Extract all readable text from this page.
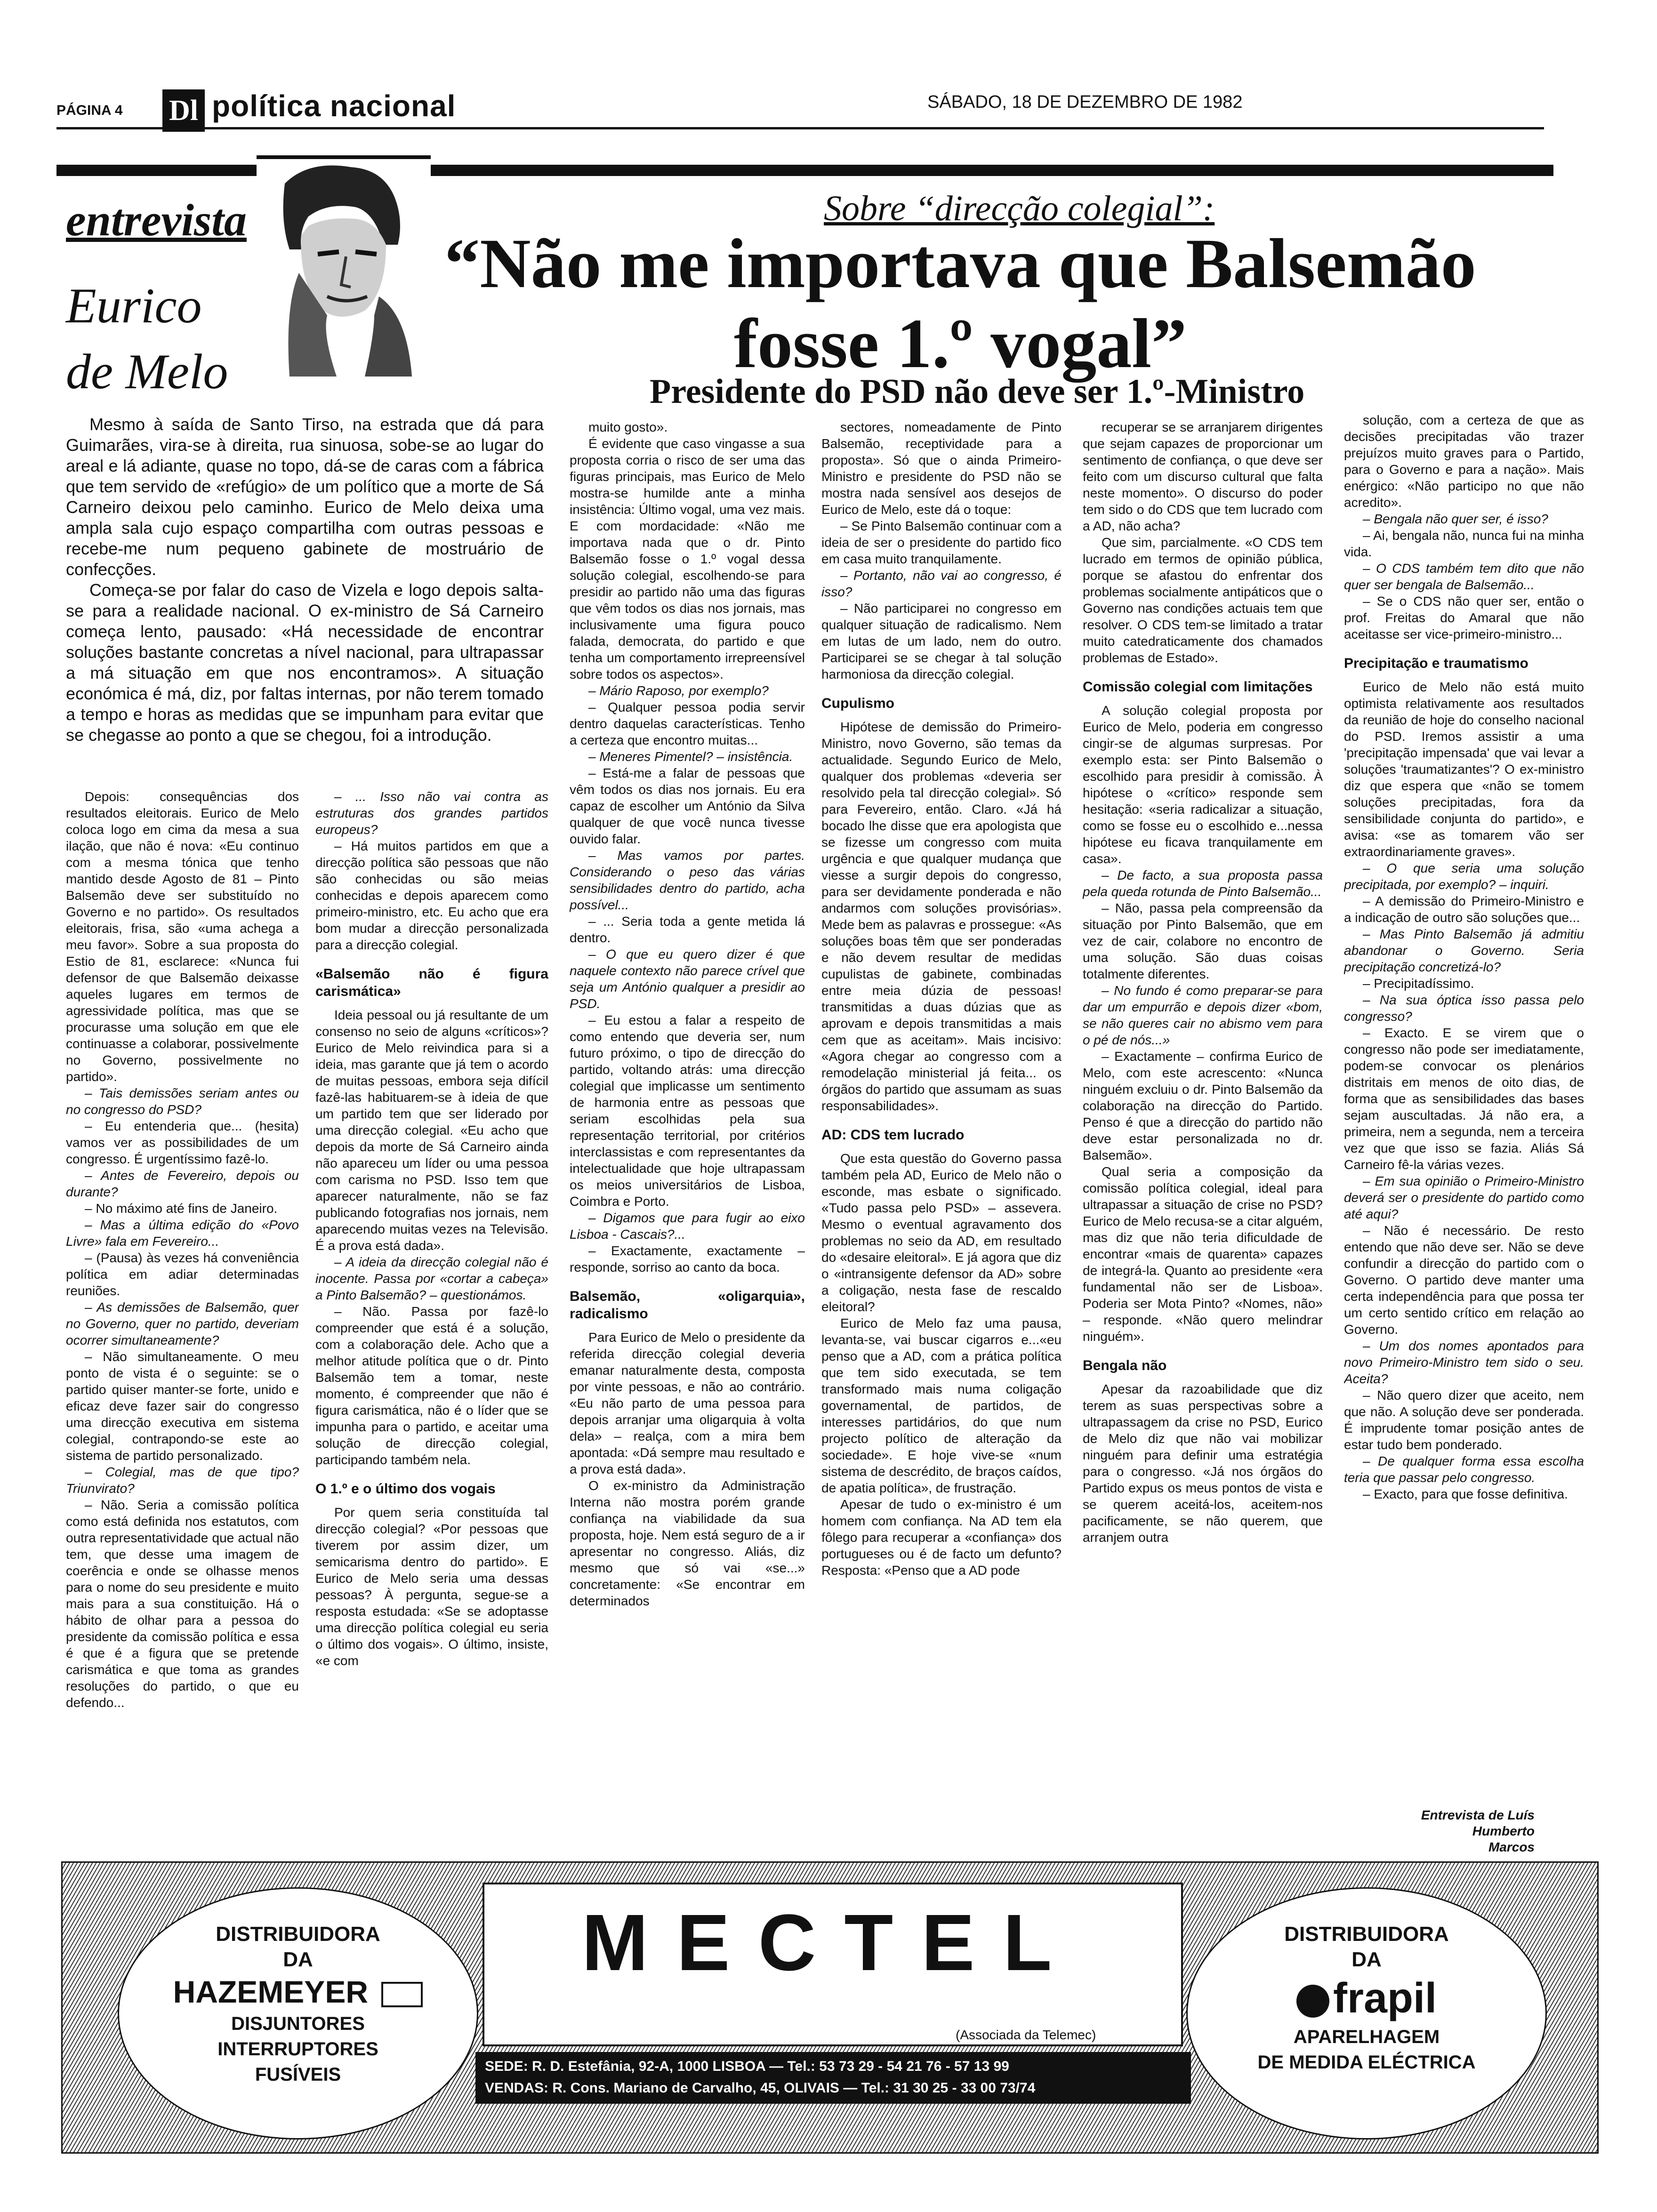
PÁGINA 4 Dl política nacional	SÁBADO, 18 DE DEZEMBRO DE 1982
entrevista
Eurico
de Melo
Sobre “direcção colegial”:
“Não me importava que Balsemão
fosse 1.º vogal”
Presidente do PSD não deve ser 1.º-Ministro

Mesmo à saída de Santo Tirso, na estrada que dá para Guimarães, vira-se à direita, rua sinuosa, sobe-se ao lugar do areal e lá adiante, quase no topo, dá-se de caras com a fábrica que tem servido de «refúgio» de um político que a morte de Sá Carneiro deixou pelo caminho. Eurico de Melo deixa uma ampla sala cujo espaço compartilha com outras pessoas e recebe-me num pequeno gabinete de mostruário de confecções.

Começa-se por falar do caso de Vizela e logo depois salta-se para a realidade nacional. O ex-ministro de Sá Carneiro começa lento, pausado: «Há necessidade de encontrar soluções bastante concretas a nível nacional, para ultrapassar a má situação em que nos encontramos». A situação económica é má, diz, por faltas internas, por não terem tomado a tempo e horas as medidas que se impunham para evitar que se chegasse ao ponto a que se chegou, foi a introdução.

Depois: consequências dos resultados eleitorais. Eurico de Melo coloca logo em cima da mesa a sua ilação, que não é nova: «Eu continuo com a mesma tónica que tenho mantido desde Agosto de 81 – Pinto Balsemão deve ser substituído no Governo e no partido». Os resultados eleitorais, frisa, são «uma achega a meu favor». Sobre a sua proposta do Estio de 81, esclarece: «Nunca fui defensor de que Balsemão deixasse aqueles lugares em termos de agressividade política, mas que se procurasse uma solução em que ele continuasse a colaborar, possivelmente no Governo, possivelmente no partido».

– Tais demissões seriam antes ou no congresso do PSD?

– Eu entenderia que... (hesita) vamos ver as possibilidades de um congresso. É urgentíssimo fazê-lo.

– Antes de Fevereiro, depois ou durante?

– No máximo até fins de Janeiro.

– Mas a última edição do «Povo Livre» fala em Fevereiro...

– (Pausa) às vezes há conveniência política em adiar determinadas reuniões.

– As demissões de Balsemão, quer no Governo, quer no partido, deveriam ocorrer simultaneamente?

– Não simultaneamente. O meu ponto de vista é o seguinte: se o partido quiser manter-se forte, unido e eficaz deve fazer sair do congresso uma direcção executiva em sistema colegial, contrapondo-se este ao sistema de partido personalizado.

– Colegial, mas de que tipo? Triunvirato?

– Não. Seria a comissão política como está definida nos estatutos, com outra representatividade que actual não tem, que desse uma imagem de coerência e onde se olhasse menos para o nome do seu presidente e muito mais para a sua constituição. Há o hábito de olhar para a pessoa do presidente da comissão política e essa é que é a figura que se pretende carismática e que toma as grandes resoluções do partido, o que eu defendo...

– ... Isso não vai contra as estruturas dos grandes partidos europeus?

– Há muitos partidos em que a direcção política são pessoas que não são conhecidas ou são meias conhecidas e depois aparecem como primeiro-ministro, etc. Eu acho que era bom mudar a direcção personalizada para a direcção colegial.

«Balsemão não é figura carismática»

Ideia pessoal ou já resultante de um consenso no seio de alguns «críticos»? Eurico de Melo reivindica para si a ideia, mas garante que já tem o acordo de muitas pessoas, embora seja difícil fazê-las habituarem-se à ideia de que um partido tem que ser liderado por uma direcção colegial. «Eu acho que depois da morte de Sá Carneiro ainda não apareceu um líder ou uma pessoa com carisma no PSD. Isso tem que aparecer naturalmente, não se faz publicando fotografias nos jornais, nem aparecendo muitas vezes na Televisão. É a prova está dada».

– A ideia da direcção colegial não é inocente. Passa por «cortar a cabeça» a Pinto Balsemão? – questionámos.

– Não. Passa por fazê-lo compreender que está é a solução, com a colaboração dele. Acho que a melhor atitude política que o dr. Pinto Balsemão tem a tomar, neste momento, é compreender que não é figura carismática, não é o líder que se impunha para o partido, e aceitar uma solução de direcção colegial, participando também nela.

O 1.º e o último dos vogais

Por quem seria constituída tal direcção colegial? «Por pessoas que tiverem por assim dizer, um semicarisma dentro do partido». E Eurico de Melo seria uma dessas pessoas? À pergunta, segue-se a resposta estudada: «Se se adoptasse uma direcção política colegial eu seria o último dos vogais». O último, insiste, «e com

muito gosto».

É evidente que caso vingasse a sua proposta corria o risco de ser uma das figuras principais, mas Eurico de Melo mostra-se humilde ante a minha insistência: Último vogal, uma vez mais. E com mordacidade: «Não me importava nada que o dr. Pinto Balsemão fosse o 1.º vogal dessa solução colegial, escolhendo-se para presidir ao partido não uma das figuras que vêm todos os dias nos jornais, mas inclusivamente uma figura pouco falada, democrata, do partido e que tenha um comportamento irrepreensível sobre todos os aspectos».

– Mário Raposo, por exemplo?

– Qualquer pessoa podia servir dentro daquelas características. Tenho a certeza que encontro muitas...

– Meneres Pimentel? – insistência.

– Está-me a falar de pessoas que vêm todos os dias nos jornais. Eu era capaz de escolher um António da Silva qualquer de que você nunca tivesse ouvido falar.

– Mas vamos por partes. Considerando o peso das várias sensibilidades dentro do partido, acha possível...

– ... Seria toda a gente metida lá dentro.

– O que eu quero dizer é que naquele contexto não parece crível que seja um António qualquer a presidir ao PSD.

– Eu estou a falar a respeito de como entendo que deveria ser, num futuro próximo, o tipo de direcção do partido, voltando atrás: uma direcção colegial que implicasse um sentimento de harmonia entre as pessoas que seriam escolhidas pela sua representação territorial, por critérios interclassistas e com representantes da intelectualidade que hoje ultrapassam os meios universitários de Lisboa, Coimbra e Porto.

– Digamos que para fugir ao eixo Lisboa - Cascais?...

– Exactamente, exactamente – responde, sorriso ao canto da boca.

Balsemão, «oligarquia», radicalismo

Para Eurico de Melo o presidente da referida direcção colegial deveria emanar naturalmente desta, composta por vinte pessoas, e não ao contrário. «Eu não parto de uma pessoa para depois arranjar uma oligarquia à volta dela» – realça, com a mira bem apontada: «Dá sempre mau resultado e a prova está dada».

O ex-ministro da Administração Interna não mostra porém grande confiança na viabilidade da sua proposta, hoje. Nem está seguro de a ir apresentar no congresso. Aliás, diz mesmo que só vai «se...» concretamente: «Se encontrar em determinados

sectores, nomeadamente de Pinto Balsemão, receptividade para a proposta». Só que o ainda Primeiro-Ministro e presidente do PSD não se mostra nada sensível aos desejos de Eurico de Melo, este dá o toque:

– Se Pinto Balsemão continuar com a ideia de ser o presidente do partido fico em casa muito tranquilamente.

– Portanto, não vai ao congresso, é isso?

– Não participarei no congresso em qualquer situação de radicalismo. Nem em lutas de um lado, nem do outro. Participarei se se chegar à tal solução harmoniosa da direcção colegial.

Cupulismo

Hipótese de demissão do Primeiro-Ministro, novo Governo, são temas da actualidade. Segundo Eurico de Melo, qualquer dos problemas «deveria ser resolvido pela tal direcção colegial». Só para Fevereiro, então. Claro. «Já há bocado lhe disse que era apologista que se fizesse um congresso com muita urgência e que qualquer mudança que viesse a surgir depois do congresso, para ser devidamente ponderada e não andarmos com soluções provisórias». Mede bem as palavras e prossegue: «As soluções boas têm que ser ponderadas e não devem resultar de medidas cupulistas de gabinete, combinadas entre meia dúzia de pessoas! transmitidas a duas dúzias que as aprovam e depois transmitidas a mais cem que as aceitam». Mais incisivo: «Agora chegar ao congresso com a remodelação ministerial já feita... os órgãos do partido que assumam as suas responsabilidades».

AD: CDS tem lucrado

Que esta questão do Governo passa também pela AD, Eurico de Melo não o esconde, mas esbate o significado. «Tudo passa pelo PSD» – assevera. Mesmo o eventual agravamento dos problemas no seio da AD, em resultado do «desaire eleitoral». E já agora que diz o «intransigente defensor da AD» sobre a coligação, nesta fase de rescaldo eleitoral?

Eurico de Melo faz uma pausa, levanta-se, vai buscar cigarros e...«eu penso que a AD, com a prática política que tem sido executada, se tem transformado mais numa coligação governamental, de partidos, de interesses partidários, do que num projecto político de alteração da sociedade». E hoje vive-se «num sistema de descrédito, de braços caídos, de apatia política», de frustração.

Apesar de tudo o ex-ministro é um homem com confiança. Na AD tem ela fôlego para recuperar a «confiança» dos portugueses ou é de facto um defunto? Resposta: «Penso que a AD pode

recuperar se se arranjarem dirigentes que sejam capazes de proporcionar um sentimento de confiança, o que deve ser feito com um discurso cultural que falta neste momento». O discurso do poder tem sido o do CDS que tem lucrado com a AD, não acha?

Que sim, parcialmente. «O CDS tem lucrado em termos de opinião pública, porque se afastou do enfrentar dos problemas socialmente antipáticos que o Governo nas condições actuais tem que resolver. O CDS tem-se limitado a tratar muito catedraticamente dos chamados problemas de Estado».

Comissão colegial com limitações

A solução colegial proposta por Eurico de Melo, poderia em congresso cingir-se de algumas surpresas. Por exemplo esta: ser Pinto Balsemão o escolhido para presidir à comissão. À hipótese o «crítico» responde sem hesitação: «seria radicalizar a situação, como se fosse eu o escolhido e...nessa hipótese eu ficava tranquilamente em casa».

– De facto, a sua proposta passa pela queda rotunda de Pinto Balsemão...

– Não, passa pela compreensão da situação por Pinto Balsemão, que em vez de cair, colabore no encontro de uma solução. São duas coisas totalmente diferentes.

– No fundo é como preparar-se para dar um empurrão e depois dizer «bom, se não queres cair no abismo vem para o pé de nós...»

– Exactamente – confirma Eurico de Melo, com este acrescento: «Nunca ninguém excluiu o dr. Pinto Balsemão da colaboração na direcção do Partido. Penso é que a direcção do partido não deve estar personalizada no dr. Balsemão».

Qual seria a composição da comissão política colegial, ideal para ultrapassar a situação de crise no PSD? Eurico de Melo recusa-se a citar alguém, mas diz que não teria dificuldade de encontrar «mais de quarenta» capazes de integrá-la. Quanto ao presidente «era fundamental não ser de Lisboa». Poderia ser Mota Pinto? «Nomes, não» – responde. «Não quero melindrar ninguém».

Bengala não

Apesar da razoabilidade que diz terem as suas perspectivas sobre a ultrapassagem da crise no PSD, Eurico de Melo diz que não vai mobilizar ninguém para definir uma estratégia para o congresso. «Já nos órgãos do Partido expus os meus pontos de vista e se querem aceitá-los, aceitem-nos pacificamente, se não querem, que arranjem outra

solução, com a certeza de que as decisões precipitadas vão trazer prejuízos muito graves para o Partido, para o Governo e para a nação». Mais enérgico: «Não participo no que não acredito».

– Bengala não quer ser, é isso?

– Ai, bengala não, nunca fui na minha vida.

– O CDS também tem dito que não quer ser bengala de Balsemão...

– Se o CDS não quer ser, então o prof. Freitas do Amaral que não aceitasse ser vice-primeiro-ministro...

Precipitação e traumatismo

Eurico de Melo não está muito optimista relativamente aos resultados da reunião de hoje do conselho nacional do PSD. Iremos assistir a uma 'precipitação impensada' que vai levar a soluções 'traumatizantes'? O ex-ministro diz que espera que «não se tomem soluções precipitadas, fora da sensibilidade conjunta do partido», e avisa: «se as tomarem vão ser extraordinariamente graves».

– O que seria uma solução precipitada, por exemplo? – inquiri.

– A demissão do Primeiro-Ministro e a indicação de outro são soluções que...

– Mas Pinto Balsemão já admitiu abandonar o Governo. Seria precipitação concretizá-lo?

– Precipitadíssimo.

– Na sua óptica isso passa pelo congresso?

– Exacto. E se virem que o congresso não pode ser imediatamente, podem-se convocar os plenários distritais em menos de oito dias, de forma que as sensibilidades das bases sejam auscultadas. Já não era, a primeira, nem a segunda, nem a terceira vez que que isso se fazia. Aliás Sá Carneiro fê-la várias vezes.

– Em sua opinião o Primeiro-Ministro deverá ser o presidente do partido como até aqui?

– Não é necessário. De resto entendo que não deve ser. Não se deve confundir a direcção do partido com o Governo. O partido deve manter uma certa independência para que possa ter um certo sentido crítico em relação ao Governo.

– Um dos nomes apontados para novo Primeiro-Ministro tem sido o seu. Aceita?

– Não quero dizer que aceito, nem que não. A solução deve ser ponderada. É imprudente tomar posição antes de estar tudo bem ponderado.

– De qualquer forma essa escolha teria que passar pelo congresso.

– Exacto, para que fosse definitiva.

Entrevista de Luís Humberto
Marcos
DISTRIBUIDORA
DA
HAZEMEYER
DISJUNTORES
INTERRUPTORES
FUSÍVEIS
MECTEL
(Associada da Telemec)
SEDE: R. D. Estefânia, 92-A, 1000 LISBOA — Tel.: 53 73 29 - 54 21 76 - 57 13 99
VENDAS: R. Cons. Mariano de Carvalho, 45, OLIVAIS — Tel.: 31 30 25 - 33 00 73/74
DISTRIBUIDORA
DA
frapil
APARELHAGEM
DE MEDIDA ELÉCTRICA
